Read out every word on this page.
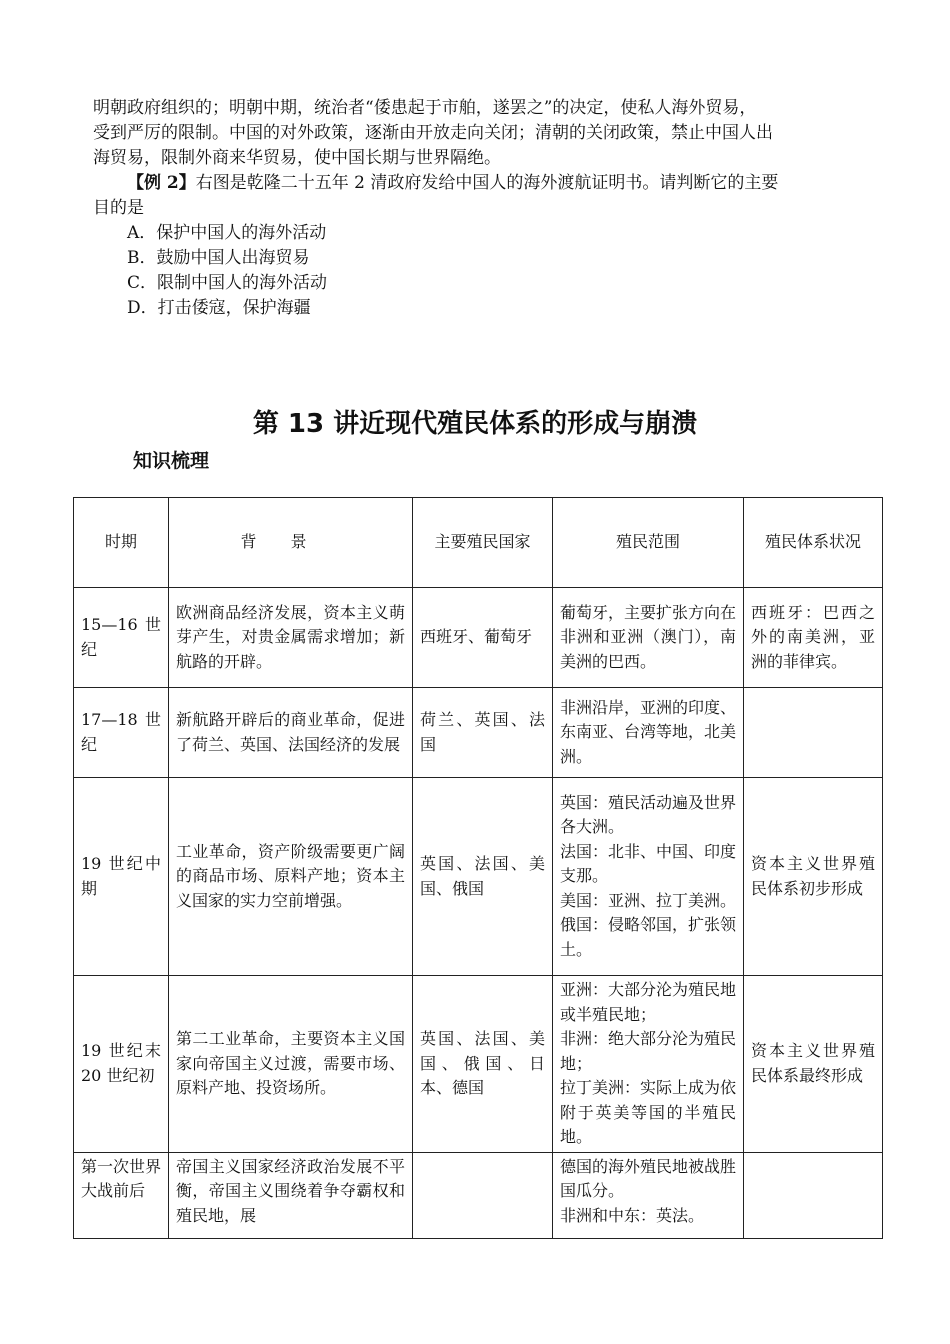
明朝政府组织的；明朝中期，统治者“倭患起于市舶，遂罢之”的决定，使私人海外贸易，

受到严厉的限制。中国的对外政策，逐渐由开放走向关闭；清朝的关闭政策，禁止中国人出

海贸易，限制外商来华贸易，使中国长期与世界隔绝。

【例 2】右图是乾隆二十五年 2 清政府发给中国人的海外渡航证明书。请判断它的主要

目的是

A．保护中国人的海外活动

B．鼓励中国人出海贸易

C．限制中国人的海外活动

D．打击倭寇，保护海疆

第 13 讲近现代殖民体系的形成与崩溃
知识梳理
时期	背景	主要殖民国家	殖民范围	殖民体系状况
15—16 世纪	欧洲商品经济发展，资本主义萌芽产生，对贵金属需求增加；新航路的开辟。	西班牙、葡萄牙	葡萄牙，主要扩张方向在非洲和亚洲（澳门），南美洲的巴西。	西班牙：巴西之外的南美洲，亚洲的菲律宾。
17—18 世纪	新航路开辟后的商业革命，促进了荷兰、英国、法国经济的发展	荷兰、英国、法国	非洲沿岸，亚洲的印度、东南亚、台湾等地，北美洲。	
19 世纪中期	工业革命，资产阶级需要更广阔的商品市场、原料产地；资本主义国家的实力空前增强。	英国、法国、美国、俄国	英国：殖民活动遍及世界各大洲。
法国：北非、中国、印度支那。
美国：亚洲、拉丁美洲。
俄国：侵略邻国，扩张领土。	资本主义世界殖民体系初步形成
19 世纪末 20 世纪初	第二工业革命，主要资本主义国家向帝国主义过渡，需要市场、原料产地、投资场所。	英国、法国、美国、俄国、日本、德国	亚洲：大部分沦为殖民地或半殖民地；
非洲：绝大部分沦为殖民地；
拉丁美洲：实际上成为依附于英美等国的半殖民地。	资本主义世界殖民体系最终形成
第一次世界大战前后	帝国主义国家经济政治发展不平衡，帝国主义围绕着争夺霸权和殖民地，展		德国的海外殖民地被战胜国瓜分。
非洲和中东：英法。	
